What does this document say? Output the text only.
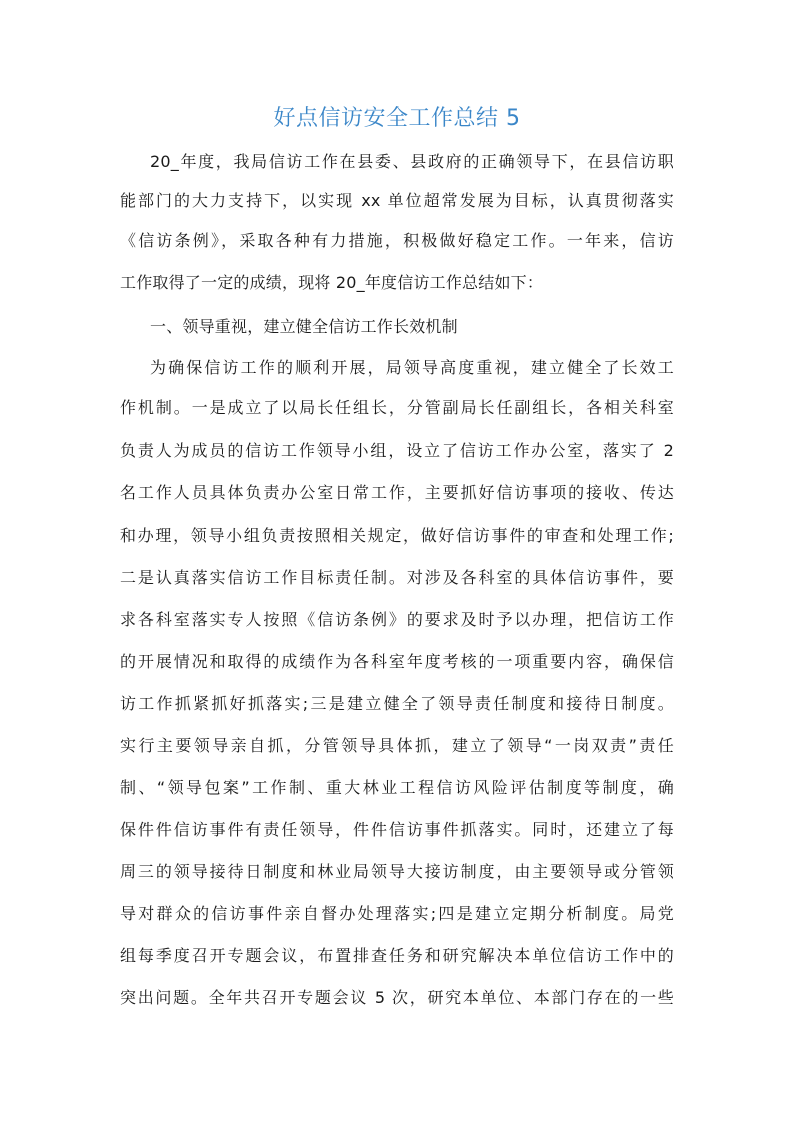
好点信访安全工作总结 5
20_年度，我局信访工作在县委、县政府的正确领导下，在县信访职
能部门的大力支持下，以实现 xx 单位超常发展为目标，认真贯彻落实
《信访条例》，采取各种有力措施，积极做好稳定工作。一年来，信访
工作取得了一定的成绩，现将 20_年度信访工作总结如下：
一、领导重视，建立健全信访工作长效机制
为确保信访工作的顺利开展，局领导高度重视，建立健全了长效工
作机制。一是成立了以局长任组长，分管副局长任副组长，各相关科室
负责人为成员的信访工作领导小组，设立了信访工作办公室，落实了 2
名工作人员具体负责办公室日常工作，主要抓好信访事项的接收、传达
和办理，领导小组负责按照相关规定，做好信访事件的审查和处理工作;
二是认真落实信访工作目标责任制。对涉及各科室的具体信访事件，要
求各科室落实专人按照《信访条例》的要求及时予以办理，把信访工作
的开展情况和取得的成绩作为各科室年度考核的一项重要内容，确保信
访工作抓紧抓好抓落实;三是建立健全了领导责任制度和接待日制度。
实行主要领导亲自抓，分管领导具体抓，建立了领导“一岗双责”责任
制、“领导包案”工作制、重大林业工程信访风险评估制度等制度，确
保件件信访事件有责任领导，件件信访事件抓落实。同时，还建立了每
周三的领导接待日制度和林业局领导大接访制度，由主要领导或分管领
导对群众的信访事件亲自督办处理落实;四是建立定期分析制度。局党
组每季度召开专题会议，布置排查任务和研究解决本单位信访工作中的
突出问题。全年共召开专题会议 5 次，研究本单位、本部门存在的一些
